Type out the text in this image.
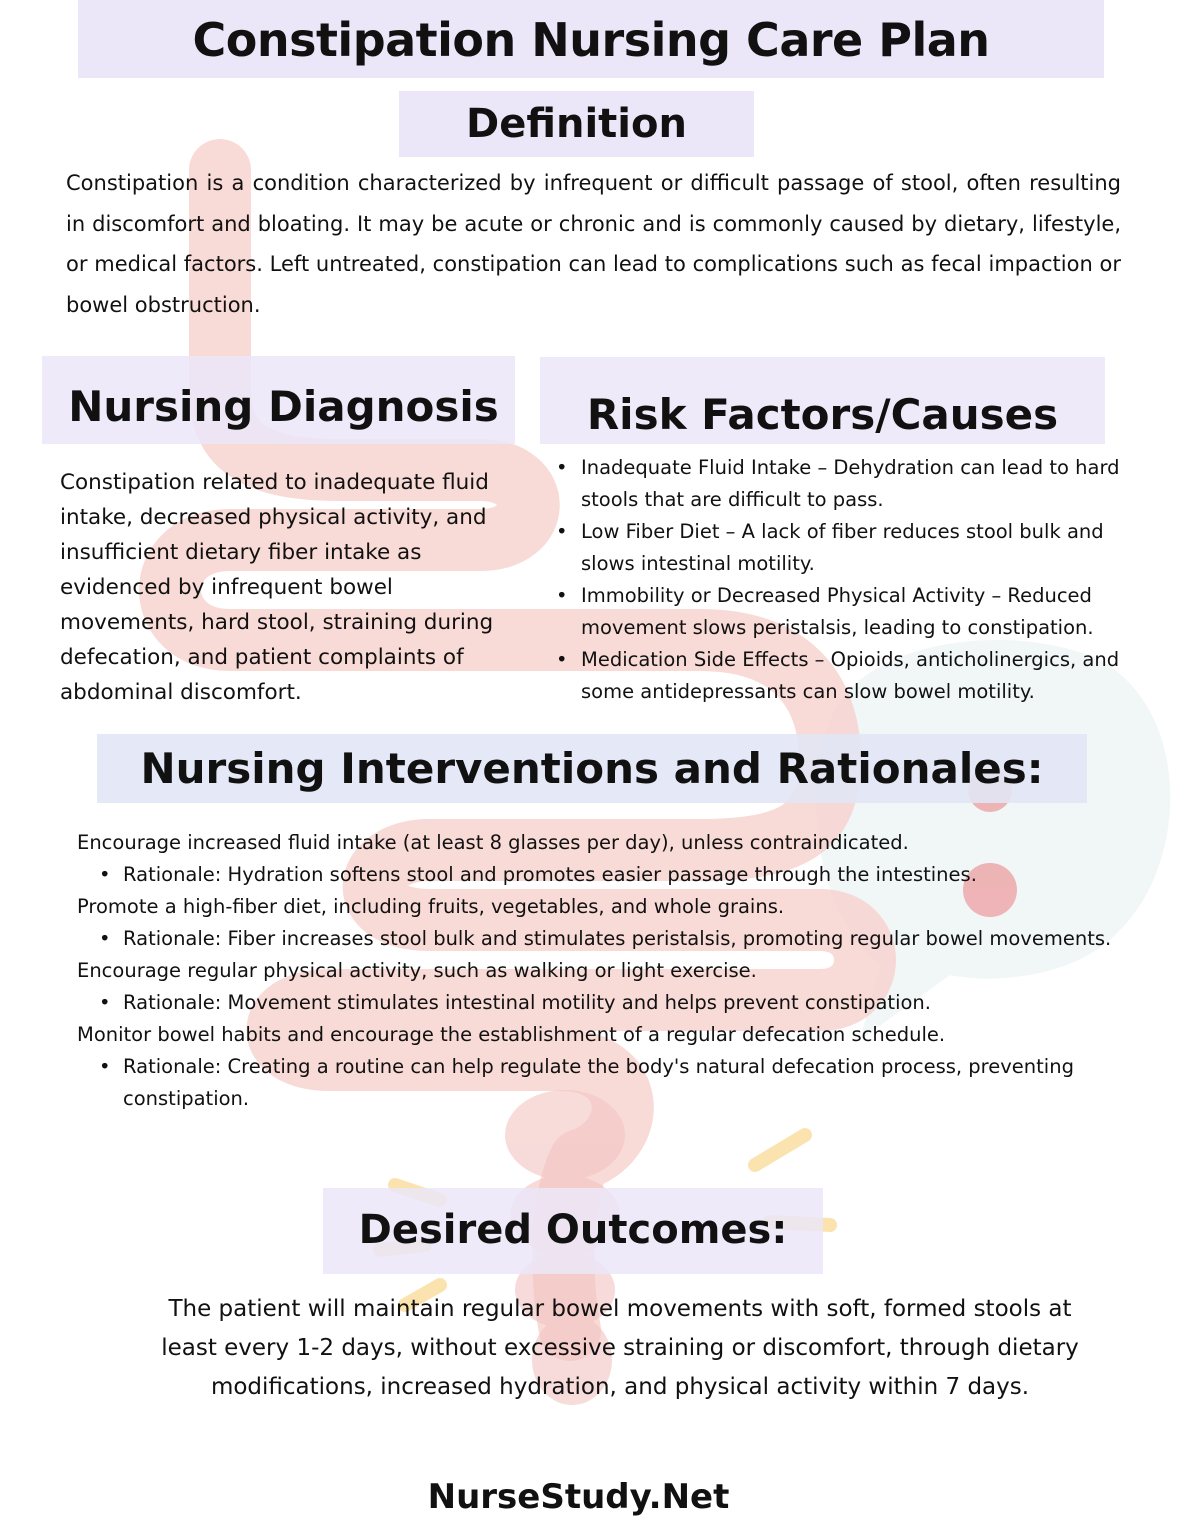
Constipation Nursing Care Plan
Definition

Constipation is a condition characterized by infrequent or difficult passage of stool, often resulting in discomfort and bloating. It may be acute or chronic and is commonly caused by dietary, lifestyle, or medical factors. Left untreated, constipation can lead to complications such as fecal impaction or bowel obstruction.

Nursing Diagnosis

Constipation related to inadequate fluid intake, decreased physical activity, and insufficient dietary fiber intake as evidenced by infrequent bowel movements, hard stool, straining during defecation, and patient complaints of abdominal discomfort.

Risk Factors/Causes
• Inadequate Fluid Intake – Dehydration can lead to hard stools that are difficult to pass.
• Low Fiber Diet – A lack of fiber reduces stool bulk and slows intestinal motility.
• Immobility or Decreased Physical Activity – Reduced movement slows peristalsis, leading to constipation.
• Medication Side Effects – Opioids, anticholinergics, and some antidepressants can slow bowel motility.
Nursing Interventions and Rationales:
Encourage increased fluid intake (at least 8 glasses per day), unless contraindicated.
• Rationale: Hydration softens stool and promotes easier passage through the intestines.
Promote a high-fiber diet, including fruits, vegetables, and whole grains.
• Rationale: Fiber increases stool bulk and stimulates peristalsis, promoting regular bowel movements.
Encourage regular physical activity, such as walking or light exercise.
• Rationale: Movement stimulates intestinal motility and helps prevent constipation.
Monitor bowel habits and encourage the establishment of a regular defecation schedule.
• Rationale: Creating a routine can help regulate the body's natural defecation process, preventing constipation.
Desired Outcomes:

The patient will maintain regular bowel movements with soft, formed stools at least every 1-2 days, without excessive straining or discomfort, through dietary modifications, increased hydration, and physical activity within 7 days.

NurseStudy.Net
